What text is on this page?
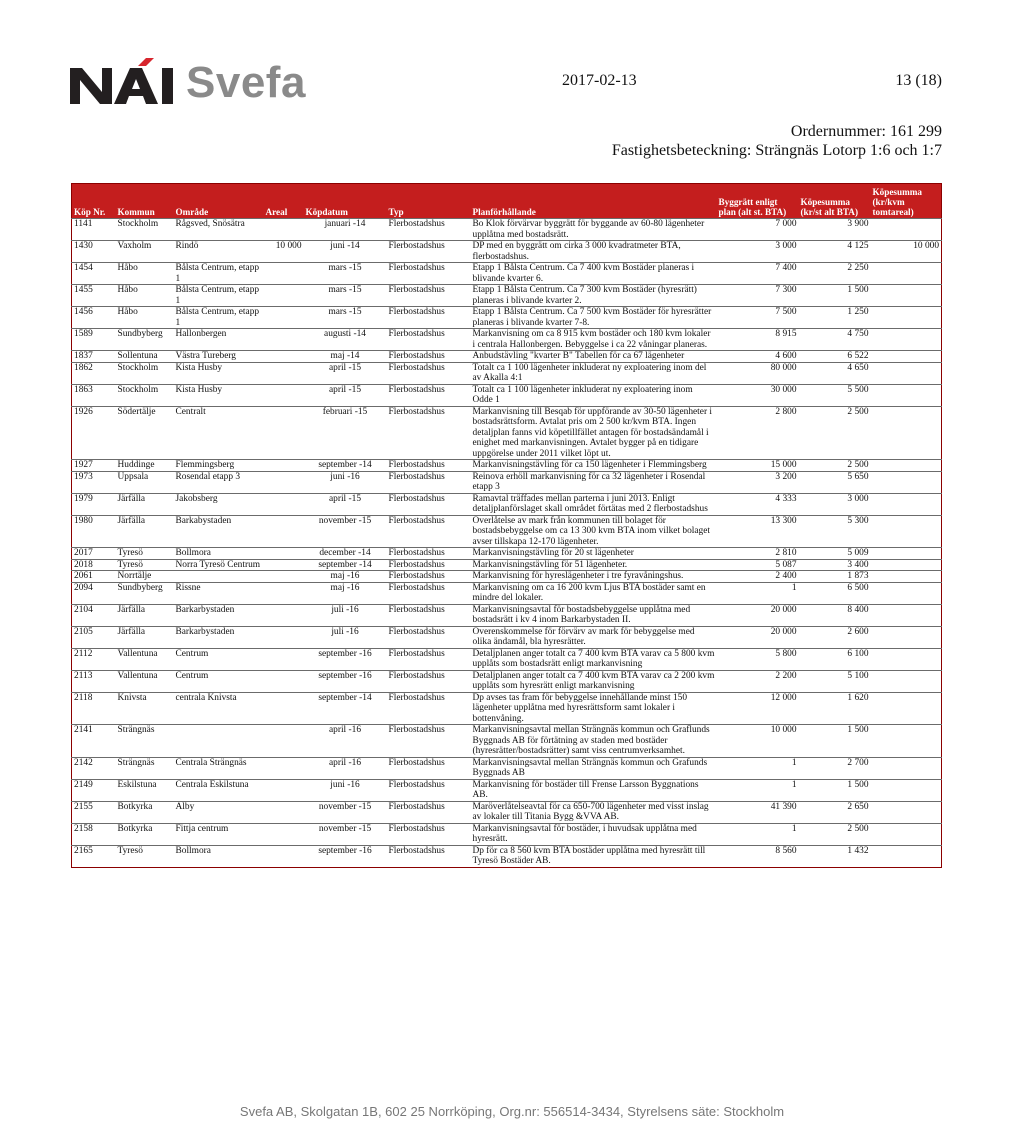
Svefa	2017-02-13	13 (18)
Ordernummer: 161 299
Fastighetsbeteckning: Strängnäs Lotorp 1:6 och 1:7
Köp Nr.	Kommun	Område	Areal	Köpdatum	Typ	Planförhållande	Byggrätt enligt plan (alt st. BTA)	Köpesumma (kr/st alt BTA)	Köpesumma (kr/kvm tomtareal)
1141	Stockholm	Rågsved, Snösätra		januari -14	Flerbostadshus	Bo Klok förvärvar byggrätt för byggande av 60-80 lägenheter upplåtna med bostadsrätt.	7 000	3 900	
1430	Vaxholm	Rindö	10 000	juni -14	Flerbostadshus	DP med en byggrätt om cirka 3 000 kvadratmeter BTA, flerbostadshus.	3 000	4 125	10 000
1454	Håbo	Bålsta Centrum, etapp 1		mars -15	Flerbostadshus	Etapp 1 Bålsta Centrum. Ca 7 400 kvm Bostäder planeras i blivande kvarter 6.	7 400	2 250	
1455	Håbo	Bålsta Centrum, etapp 1		mars -15	Flerbostadshus	Etapp 1 Bålsta Centrum. Ca 7 300 kvm Bostäder (hyresrätt) planeras i blivande kvarter 2.	7 300	1 500	
1456	Håbo	Bålsta Centrum, etapp 1		mars -15	Flerbostadshus	Etapp 1 Bålsta Centrum. Ca 7 500 kvm Bostäder för hyresrätter planeras i blivande kvarter 7-8.	7 500	1 250	
1589	Sundbyberg	Hallonbergen		augusti -14	Flerbostadshus	Markanvisning om ca 8 915 kvm bostäder och 180 kvm lokaler i centrala Hallonbergen. Bebyggelse i ca 22 våningar planeras.	8 915	4 750	
1837	Sollentuna	Västra Tureberg		maj -14	Flerbostadshus	Anbudstävling "kvarter B" Tabellen för ca 67 lägenheter	4 600	6 522	
1862	Stockholm	Kista Husby		april -15	Flerbostadshus	Totalt ca 1 100 lägenheter inkluderat ny exploatering inom del av Akalla 4:1	80 000	4 650	
1863	Stockholm	Kista Husby		april -15	Flerbostadshus	Totalt ca 1 100 lägenheter inkluderat ny exploatering inom Odde 1	30 000	5 500	
1926	Södertälje	Centralt		februari -15	Flerbostadshus	Markanvisning till Besqab för uppförande av 30-50 lägenheter i bostadsrättsform. Avtalat pris om 2 500 kr/kvm BTA. Ingen detaljplan fanns vid köpetillfället antagen för bostadsändamål i enighet med markanvisningen. Avtalet bygger på en tidigare uppgörelse under 2011 vilket löpt ut.	2 800	2 500	
1927	Huddinge	Flemmingsberg		september -14	Flerbostadshus	Markanvisningstävling för ca 150 lägenheter i Flemmingsberg	15 000	2 500	
1973	Uppsala	Rosendal etapp 3		juni -16	Flerbostadshus	Reinova erhöll markanvisning för ca 32 lägenheter i Rosendal etapp 3	3 200	5 650	
1979	Järfälla	Jakobsberg		april -15	Flerbostadshus	Ramavtal träffades mellan parterna i juni 2013. Enligt detaljplanförslaget skall området förtätas med 2 flerbostadshus	4 333	3 000	
1980	Järfälla	Barkabystaden		november -15	Flerbostadshus	Överlåtelse av mark från kommunen till bolaget för bostadsbebyggelse om ca 13 300 kvm BTA inom vilket bolaget avser tillskapa 12-170 lägenheter.	13 300	5 300	
2017	Tyresö	Bollmora		december -14	Flerbostadshus	Markanvisningstävling för 20 st lägenheter	2 810	5 009	
2018	Tyresö	Norra Tyresö Centrum		september -14	Flerbostadshus	Markanvisningstävling för 51 lägenheter.	5 087	3 400	
2061	Norrtälje			maj -16	Flerbostadshus	Markanvisning för hyreslägenheter i tre fyravåningshus.	2 400	1 873	
2094	Sundbyberg	Rissne		maj -16	Flerbostadshus	Markanvisning om ca 16 200 kvm Ljus BTA bostäder samt en mindre del lokaler.	1	6 500	
2104	Järfälla	Barkarbystaden		juli -16	Flerbostadshus	Markanvisningsavtal för bostadsbebyggelse upplåtna med bostadsrätt i kv 4 inom Barkarbystaden II.	20 000	8 400	
2105	Järfälla	Barkarbystaden		juli -16	Flerbostadshus	Överenskommelse för förvärv av mark för bebyggelse med olika ändamål, bla hyresrätter.	20 000	2 600	
2112	Vallentuna	Centrum		september -16	Flerbostadshus	Detaljplanen anger totalt ca 7 400 kvm BTA varav ca 5 800 kvm upplåts som bostadsrätt enligt markanvisning	5 800	6 100	
2113	Vallentuna	Centrum		september -16	Flerbostadshus	Detaljplanen anger totalt ca 7 400 kvm BTA varav ca 2 200 kvm upplåts som hyresrätt enligt markanvisning	2 200	5 100	
2118	Knivsta	centrala Knivsta		september -14	Flerbostadshus	Dp avses tas fram för bebyggelse innehållande minst 150 lägenheter upplåtna med hyresrättsform samt lokaler i bottenvåning.	12 000	1 620	
2141	Strängnäs			april -16	Flerbostadshus	Markanvisningsavtal mellan Strängnäs kommun och Graflunds Byggnads AB för förtätning av staden med bostäder (hyresrätter/bostadsrätter) samt viss centrumverksamhet.	10 000	1 500	
2142	Strängnäs	Centrala Strängnäs		april -16	Flerbostadshus	Markanvisningsavtal mellan Strängnäs kommun och Grafunds Byggnads AB	1	2 700	
2149	Eskilstuna	Centrala Eskilstuna		juni -16	Flerbostadshus	Markanvisning för bostäder till Frense Larsson Byggnations AB.	1	1 500	
2155	Botkyrka	Alby		november -15	Flerbostadshus	Maröverlåtelseavtal för ca 650-700 lägenheter med visst inslag av lokaler till Titania Bygg &VVA AB.	41 390	2 650	
2158	Botkyrka	Fittja centrum		november -15	Flerbostadshus	Markanvisningsavtal för bostäder, i huvudsak upplåtna med hyresrätt.	1	2 500	
2165	Tyresö	Bollmora		september -16	Flerbostadshus	Dp för ca 8 560 kvm BTA bostäder upplåtna med hyresrätt till Tyresö Bostäder AB.	8 560	1 432	
Svefa AB, Skolgatan 1B, 602 25 Norrköping, Org.nr: 556514-3434, Styrelsens säte: Stockholm
